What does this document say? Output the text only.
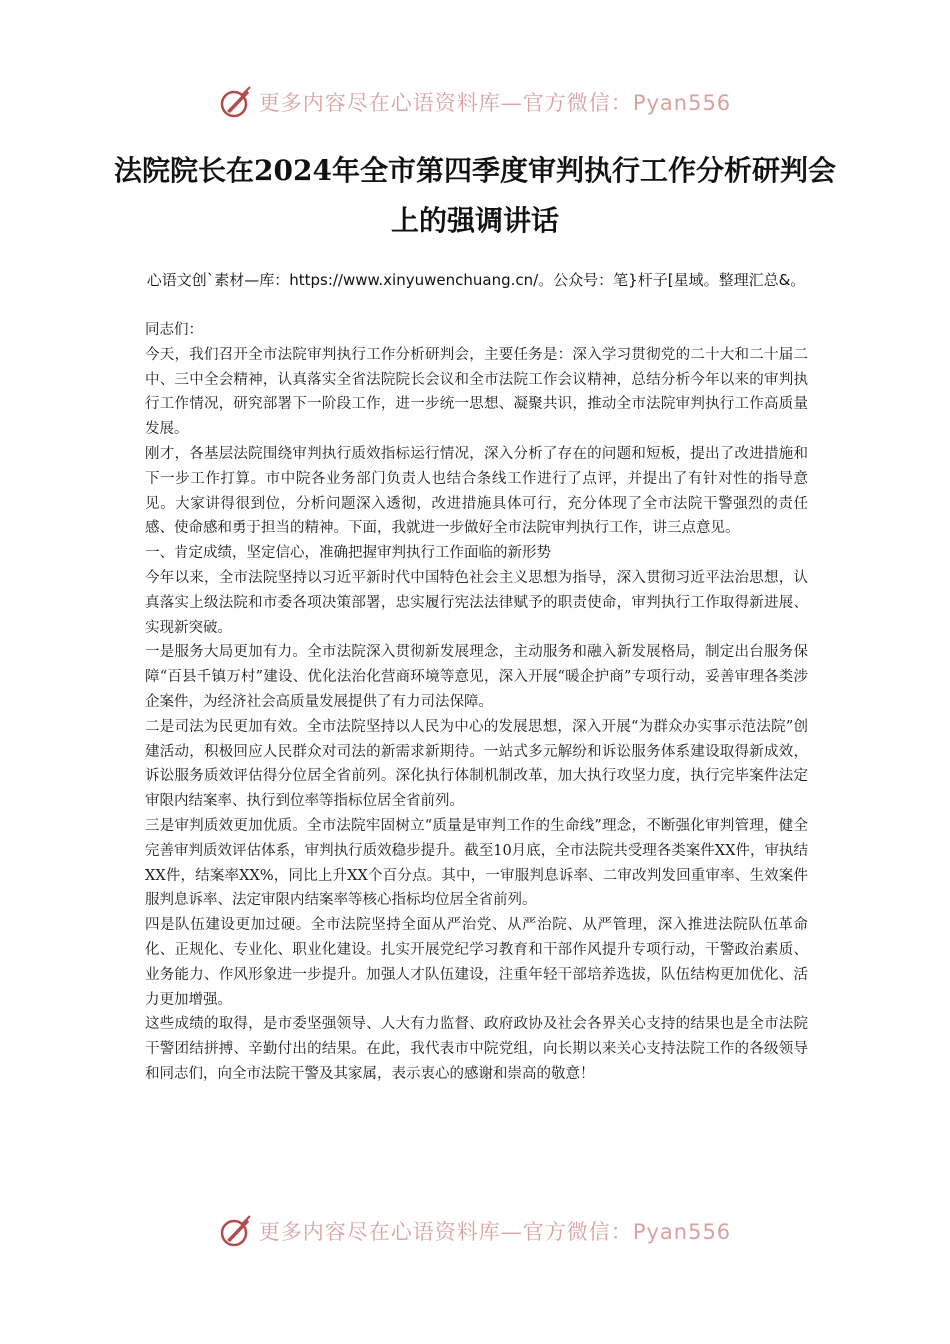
更多内容尽在心语资料库—官方微信：Pyan556
法院院长在2024年全市第四季度审判执行工作分析研判会上的强调讲话
心语文创`素材—库：https://www.xinyuwenchuang.cn/。公众号：笔}杆子[星域。整理汇总&。

同志们：

今天，我们召开全市法院审判执行工作分析研判会，主要任务是：深入学习贯彻党的二十大和二十届二中、三中全会精神，认真落实全省法院院长会议和全市法院工作会议精神，总结分析今年以来的审判执行工作情况，研究部署下一阶段工作，进一步统一思想、凝聚共识，推动全市法院审判执行工作高质量发展。

刚才，各基层法院围绕审判执行质效指标运行情况，深入分析了存在的问题和短板，提出了改进措施和下一步工作打算。市中院各业务部门负责人也结合条线工作进行了点评，并提出了有针对性的指导意见。大家讲得很到位，分析问题深入透彻，改进措施具体可行，充分体现了全市法院干警强烈的责任感、使命感和勇于担当的精神。下面，我就进一步做好全市法院审判执行工作，讲三点意见。

一、肯定成绩，坚定信心，准确把握审判执行工作面临的新形势

今年以来，全市法院坚持以习近平新时代中国特色社会主义思想为指导，深入贯彻习近平法治思想，认真落实上级法院和市委各项决策部署，忠实履行宪法法律赋予的职责使命，审判执行工作取得新进展、实现新突破。

一是服务大局更加有力。全市法院深入贯彻新发展理念，主动服务和融入新发展格局，制定出台服务保障“百县千镇万村”建设、优化法治化营商环境等意见，深入开展“暖企护商”专项行动，妥善审理各类涉企案件，为经济社会高质量发展提供了有力司法保障。

二是司法为民更加有效。全市法院坚持以人民为中心的发展思想，深入开展“为群众办实事示范法院”创建活动，积极回应人民群众对司法的新需求新期待。一站式多元解纷和诉讼服务体系建设取得新成效，诉讼服务质效评估得分位居全省前列。深化执行体制机制改革，加大执行攻坚力度，执行完毕案件法定审限内结案率、执行到位率等指标位居全省前列。

三是审判质效更加优质。全市法院牢固树立“质量是审判工作的生命线”理念，不断强化审判管理，健全完善审判质效评估体系，审判执行质效稳步提升。截至10月底，全市法院共受理各类案件XX件，审执结XX件，结案率XX%，同比上升XX个百分点。其中，一审服判息诉率、二审改判发回重审率、生效案件服判息诉率、法定审限内结案率等核心指标均位居全省前列。

四是队伍建设更加过硬。全市法院坚持全面从严治党、从严治院、从严管理，深入推进法院队伍革命化、正规化、专业化、职业化建设。扎实开展党纪学习教育和干部作风提升专项行动，干警政治素质、业务能力、作风形象进一步提升。加强人才队伍建设，注重年轻干部培养选拔，队伍结构更加优化、活力更加增强。

这些成绩的取得，是市委坚强领导、人大有力监督、政府政协及社会各界关心支持的结果也是全市法院干警团结拼搏、辛勤付出的结果。在此，我代表市中院党组，向长期以来关心支持法院工作的各级领导和同志们，向全市法院干警及其家属，表示衷心的感谢和崇高的敬意！

更多内容尽在心语资料库—官方微信：Pyan556
